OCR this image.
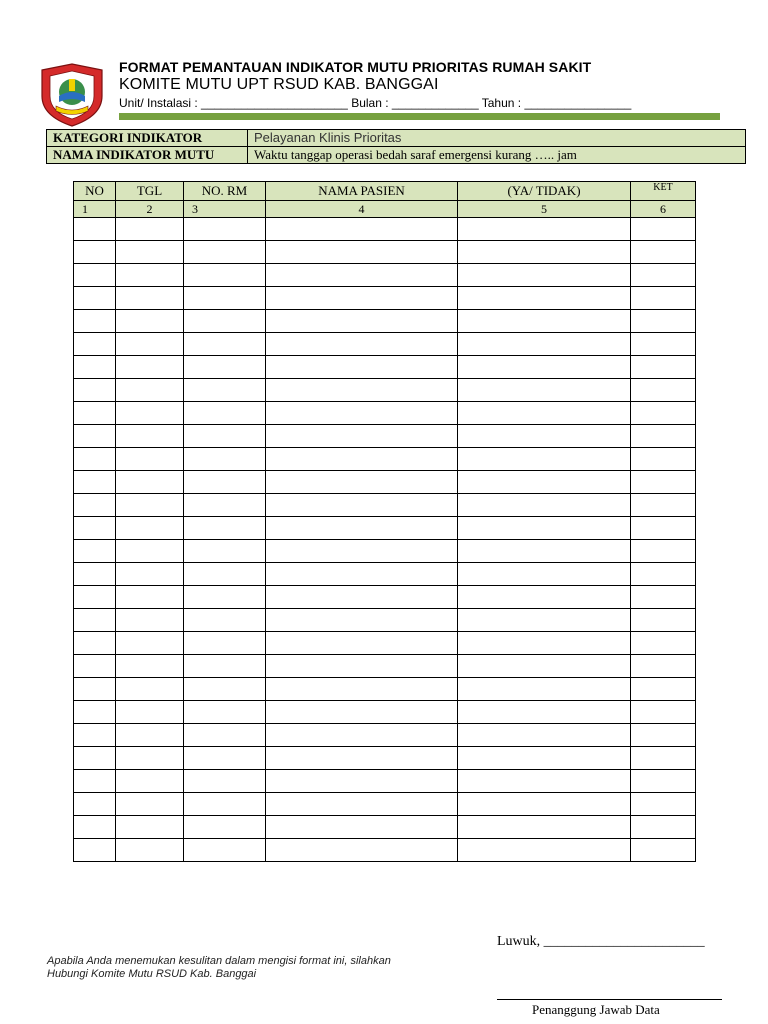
FORMAT PEMANTAUAN INDIKATOR MUTU PRIORITAS RUMAH SAKIT
KOMITE MUTU UPT RSUD KAB. BANGGAI
Unit/ Instalasi : ______________________ Bulan : _____________ Tahun : ________________
KATEGORI INDIKATOR	Pelayanan Klinis Prioritas
NAMA INDIKATOR MUTU	Waktu tanggap operasi bedah saraf emergensi kurang ….. jam
NO	TGL	NO. RM	NAMA PASIEN	(YA/ TIDAK)	KET
1	2	3	4	5	6

Luwuk, _______________________
Penanggung Jawab Data
Apabila Anda menemukan kesulitan dalam mengisi format ini, silahkan
Hubungi Komite Mutu RSUD Kab. Banggai
